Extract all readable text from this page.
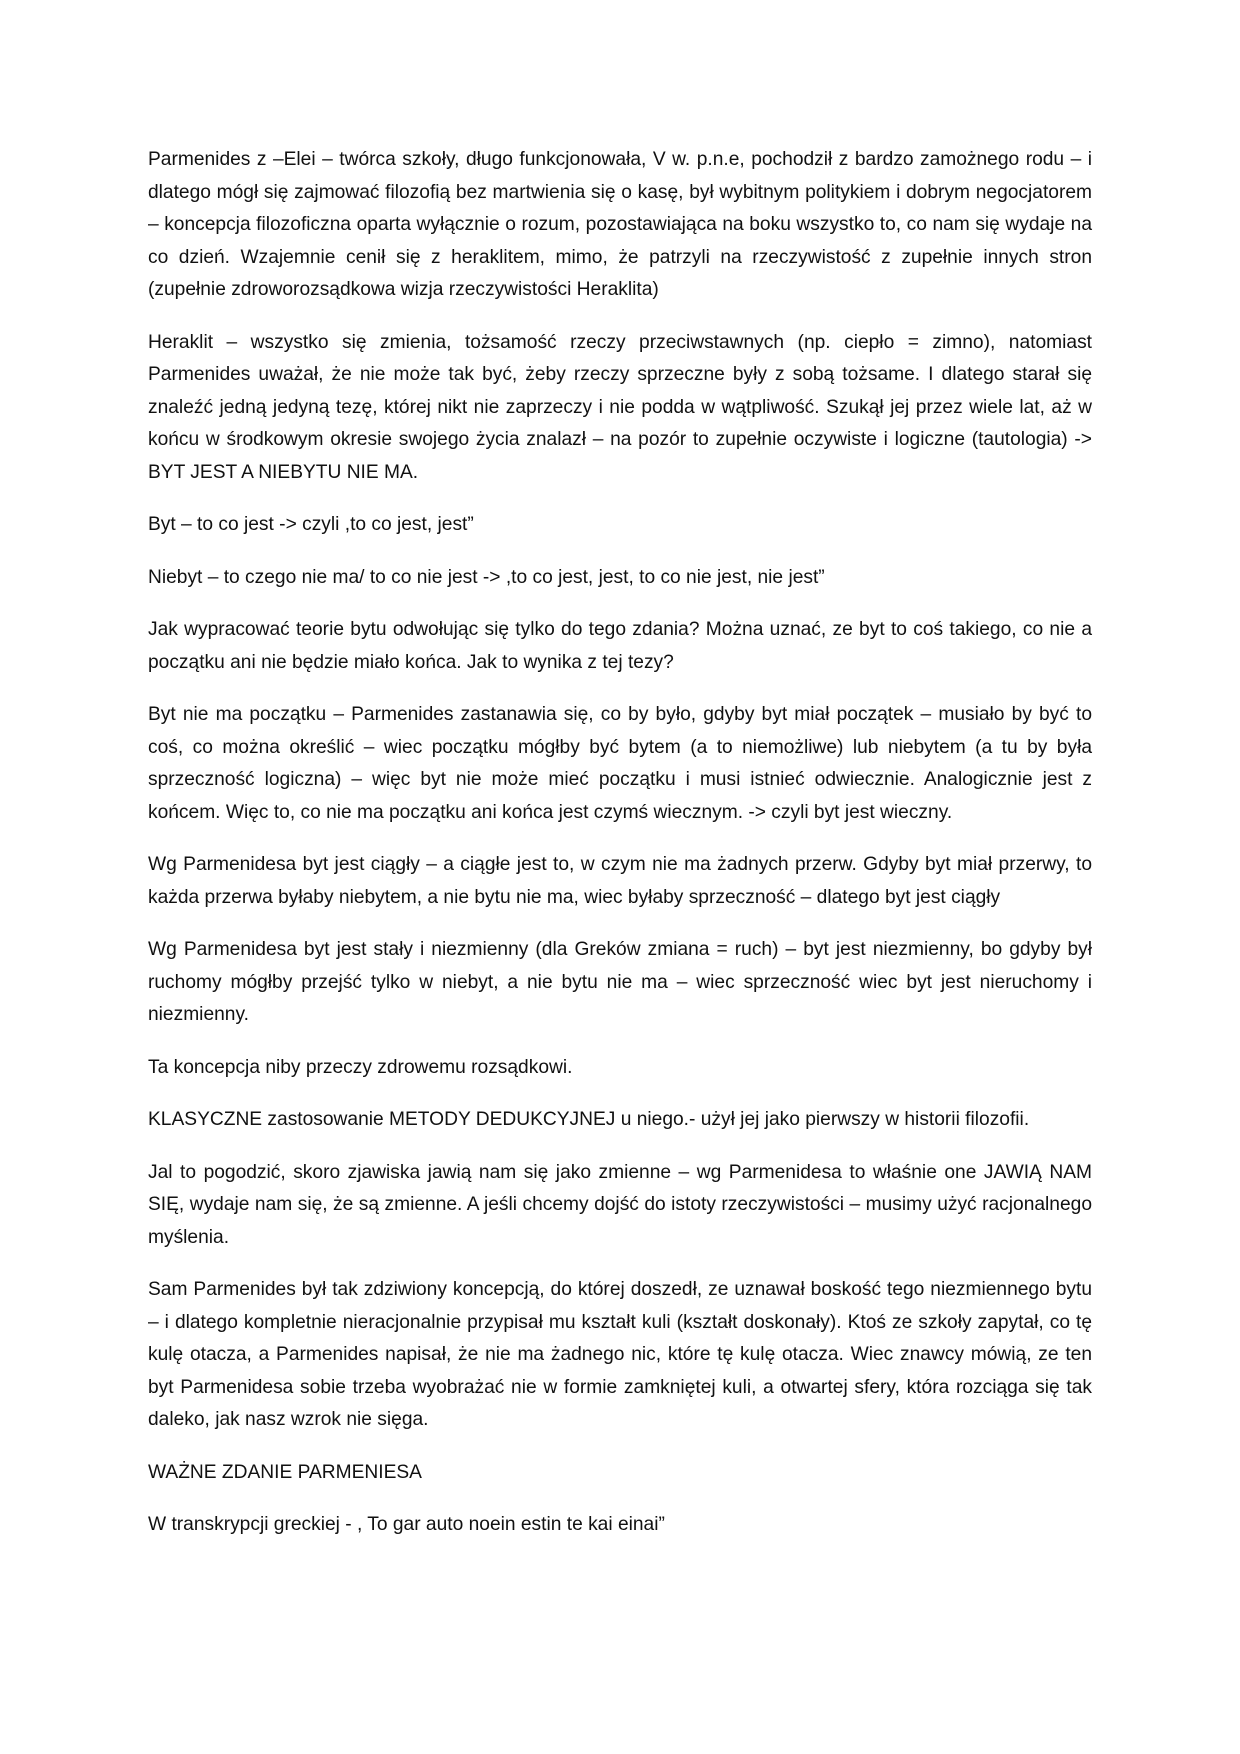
Parmenides z –Elei – twórca szkoły, długo funkcjonowała, V w. p.n.e, pochodził z bardzo zamożnego rodu – i dlatego mógł się zajmować filozofią bez martwienia się o kasę, był wybitnym politykiem i dobrym negocjatorem – koncepcja filozoficzna oparta wyłącznie o rozum, pozostawiająca na boku wszystko to, co nam się wydaje na co dzień. Wzajemnie cenił się z heraklitem, mimo, że patrzyli na rzeczywistość z zupełnie innych stron (zupełnie zdroworozsądkowa wizja rzeczywistości Heraklita)

Heraklit – wszystko się zmienia, tożsamość rzeczy przeciwstawnych (np. ciepło = zimno), natomiast Parmenides uważał, że nie może tak być, żeby rzeczy sprzeczne były z sobą tożsame. I dlatego starał się znaleźć jedną jedyną tezę, której nikt nie zaprzeczy i nie podda w wątpliwość. Szukął jej przez wiele lat, aż w końcu w środkowym okresie swojego życia znalazł – na pozór to zupełnie oczywiste i logiczne (tautologia) -> BYT JEST A NIEBYTU NIE MA.

Byt – to co jest -> czyli ,to co jest, jest”

Niebyt – to czego nie ma/ to co nie jest -> ,to co jest, jest, to co nie jest, nie jest”

Jak wypracować teorie bytu odwołując się tylko do tego zdania? Można uznać, ze byt to coś takiego, co nie a początku ani nie będzie miało końca. Jak to wynika z tej tezy?

Byt nie ma początku – Parmenides zastanawia się, co by było, gdyby byt miał początek – musiało by być to coś, co można określić – wiec początku mógłby być bytem (a to niemożliwe) lub niebytem (a tu by była sprzeczność logiczna) – więc byt nie może mieć początku i musi istnieć odwiecznie. Analogicznie jest z końcem. Więc to, co nie ma początku ani końca jest czymś wiecznym. -> czyli byt jest wieczny.

Wg Parmenidesa byt jest ciągły – a ciągłe jest to, w czym nie ma żadnych przerw. Gdyby byt miał przerwy, to każda przerwa byłaby niebytem, a nie bytu nie ma, wiec byłaby sprzeczność – dlatego byt jest ciągły

Wg Parmenidesa byt jest stały i niezmienny (dla Greków zmiana = ruch) – byt jest niezmienny, bo gdyby był ruchomy mógłby przejść tylko w niebyt, a nie bytu nie ma – wiec sprzeczność wiec byt jest nieruchomy i niezmienny.

Ta koncepcja niby przeczy zdrowemu rozsądkowi.

KLASYCZNE zastosowanie METODY DEDUKCYJNEJ u niego.- użył jej jako pierwszy w historii filozofii.

Jal to pogodzić, skoro zjawiska jawią nam się jako zmienne – wg Parmenidesa to właśnie one JAWIĄ NAM SIĘ, wydaje nam się, że są zmienne. A jeśli chcemy dojść do istoty rzeczywistości – musimy użyć racjonalnego myślenia.

Sam Parmenides był tak zdziwiony koncepcją, do której doszedł, ze uznawał boskość tego niezmiennego bytu – i dlatego kompletnie nieracjonalnie przypisał mu kształt kuli (kształt doskonały). Ktoś ze szkoły zapytał, co tę kulę otacza, a Parmenides napisał, że nie ma żadnego nic, które tę kulę otacza. Wiec znawcy mówią, ze ten byt Parmenidesa sobie trzeba wyobrażać nie w formie zamkniętej kuli, a otwartej sfery, która rozciąga się tak daleko, jak nasz wzrok nie sięga.

WAŻNE ZDANIE PARMENIESA

W transkrypcji greckiej - , To gar auto noein estin te kai einai”
